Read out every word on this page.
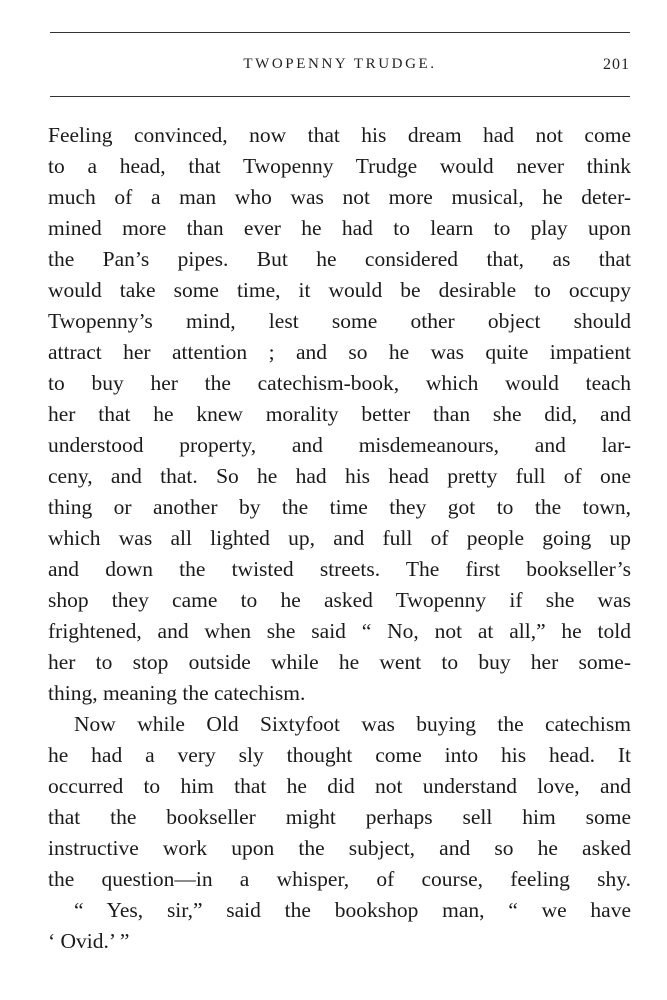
TWOPENNY TRUDGE.	201
Feeling convinced, now that his dream had not come
to a head, that Twopenny Trudge would never think
much of a man who was not more musical, he deter-
mined more than ever he had to learn to play upon
the Pan’s pipes. But he considered that, as that
would take some time, it would be desirable to occupy
Twopenny’s mind, lest some other object should
attract her attention ; and so he was quite impatient
to buy her the catechism-book, which would teach
her that he knew morality better than she did, and
understood property, and misdemeanours, and lar-
ceny, and that. So he had his head pretty full of one
thing or another by the time they got to the town,
which was all lighted up, and full of people going up
and down the twisted streets. The first bookseller’s
shop they came to he asked Twopenny if she was
frightened, and when she said “ No, not at all,” he told
her to stop outside while he went to buy her some-
thing, meaning the catechism.
Now while Old Sixtyfoot was buying the catechism
he had a very sly thought come into his head. It
occurred to him that he did not understand love, and
that the bookseller might perhaps sell him some
instructive work upon the subject, and so he asked
the question—in a whisper, of course, feeling shy.
“ Yes, sir,” said the bookshop man, “ we have
‘ Ovid.’ ”
